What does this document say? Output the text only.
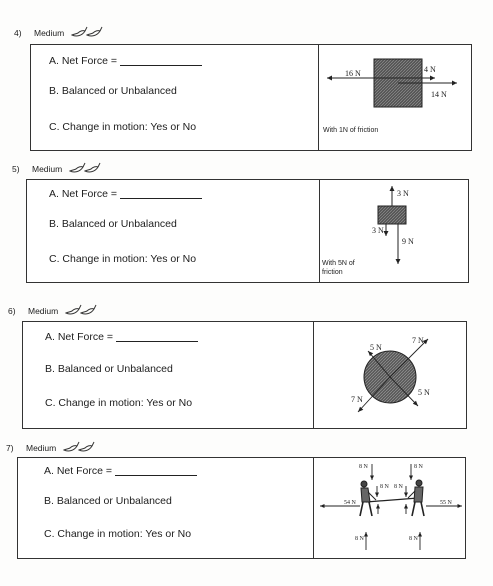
4) Medium
A. Net Force =
B. Balanced or Unbalanced
C. Change in motion: Yes or No
16 N	4 N
14 N
With 1N of friction
5) Medium
A. Net Force =
B. Balanced or Unbalanced
C. Change in motion: Yes or No
3 N
3 N
9 N
With 5N of
friction
6) Medium
A. Net Force =
B. Balanced or Unbalanced
C. Change in motion: Yes or No
5 N
7 N
7 N
5 N
7) Medium
A. Net Force =
B. Balanced or Unbalanced
C. Change in motion: Yes or No
8 N	8 N
8 N 8 N
54 N	55 N
8 N	8 N
